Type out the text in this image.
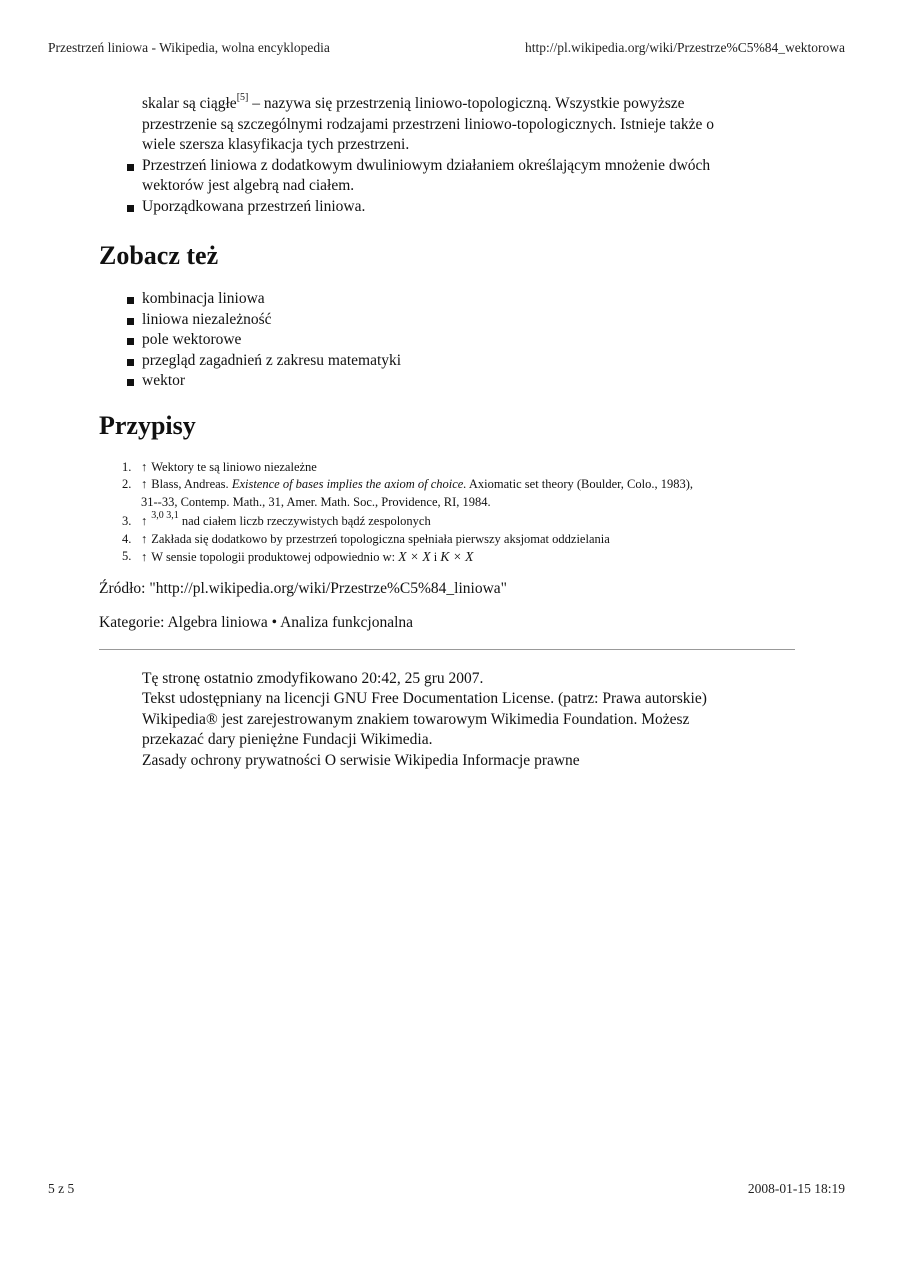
Przestrzeń liniowa - Wikipedia, wolna encyklopedia	http://pl.wikipedia.org/wiki/Przestrze%C5%84_wektorowa
skalar są ciągłe[5] – nazywa się przestrzenią liniowo-topologiczną. Wszystkie powyższe
przestrzenie są szczególnymi rodzajami przestrzeni liniowo-topologicznych. Istnieje także o
wiele szersza klasyfikacja tych przestrzeni.
Przestrzeń liniowa z dodatkowym dwuliniowym działaniem określającym mnożenie dwóch
wektorów jest algebrą nad ciałem.
Uporządkowana przestrzeń liniowa.
Zobacz też
kombinacja liniowa
liniowa niezależność
pole wektorowe
przegląd zagadnień z zakresu matematyki
wektor
Przypisy
1. ↑ Wektory te są liniowo niezależne
2. ↑ Blass, Andreas. Existence of bases implies the axiom of choice. Axiomatic set theory (Boulder, Colo., 1983),
31--33, Contemp. Math., 31, Amer. Math. Soc., Providence, RI, 1984.
3. ↑ $^{3,0 3,1}$ nad ciałem liczb rzeczywistych bądź zespolonych
4. ↑ Zakłada się dodatkowo by przestrzeń topologiczna spełniała pierwszy aksjomat oddzielania
5. ↑ W sensie topologii produktowej odpowiednio w: X × X i K × X
Źródło: "http://pl.wikipedia.org/wiki/Przestrze%C5%84_liniowa"
Kategorie: Algebra liniowa • Analiza funkcjonalna
Tę stronę ostatnio zmodyfikowano 20:42, 25 gru 2007.
Tekst udostępniany na licencji GNU Free Documentation License. (patrz: Prawa autorskie)
Wikipedia® jest zarejestrowanym znakiem towarowym Wikimedia Foundation. Możesz
przekazać dary pieniężne Fundacji Wikimedia.
Zasady ochrony prywatności O serwisie Wikipedia Informacje prawne
5 z 5	2008-01-15 18:19
